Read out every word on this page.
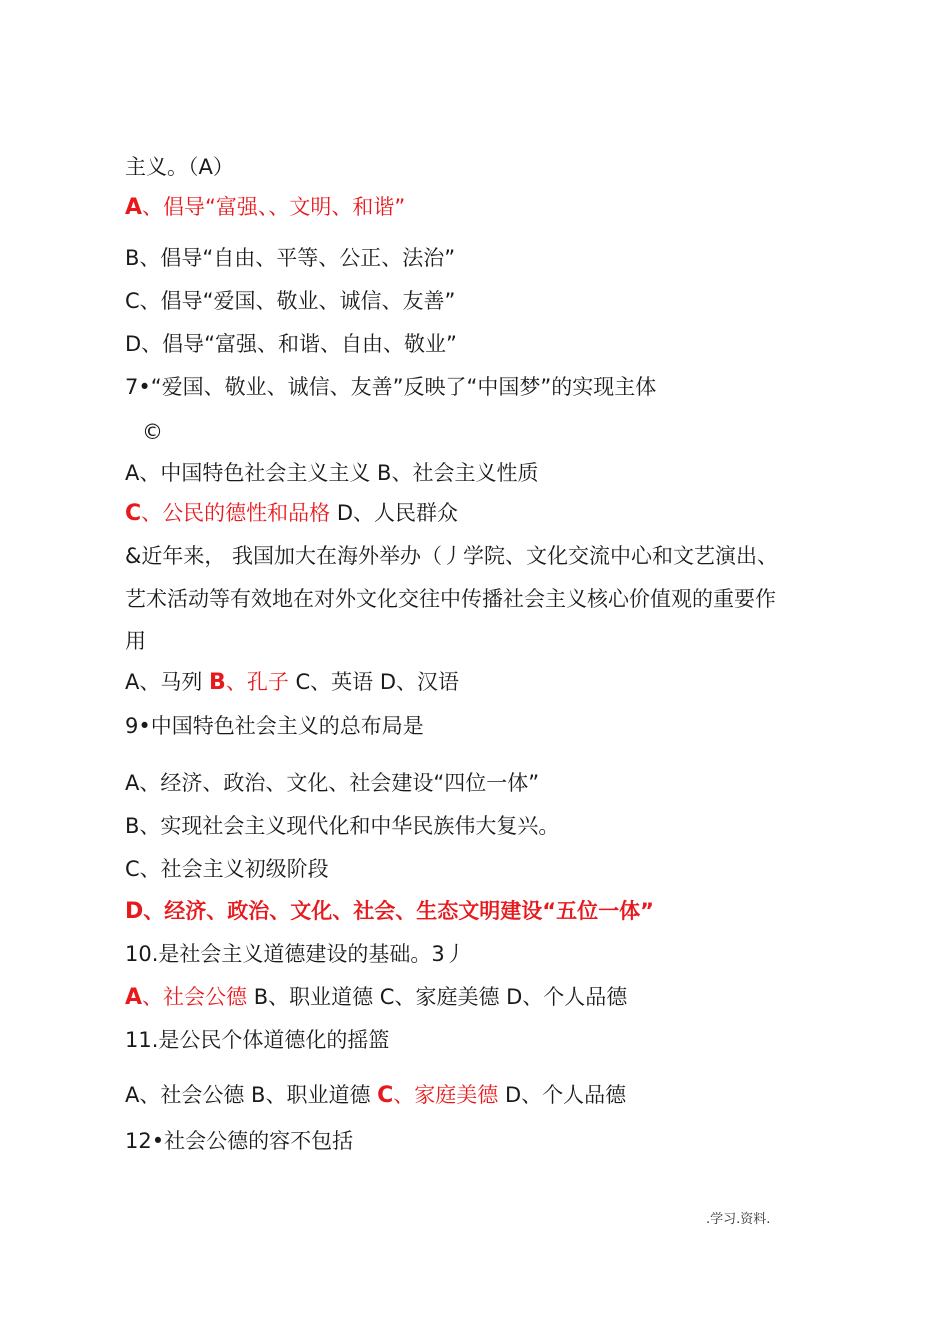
主义。（A）
A、倡导“富强、、文明、和谐”
B、倡导“自由、平等、公正、法治”
C、倡导“爱国、敬业、诚信、友善”
D、倡导“富强、和谐、自由、敬业”
7•“爱国、敬业、诚信、友善”反映了“中国梦”的实现主体
©
A、中国特色社会主义主义 B、社会主义性质
C、公民的德性和品格 D、人民群众
&近年来， 我国加大在海外举办（丿学院、文化交流中心和文艺演出、
艺术活动等有效地在对外文化交往中传播社会主义核心价值观的重要作
用
A、马列 B、孔子 C、英语 D、汉语
9•中国特色社会主义的总布局是
A、经济、政治、文化、社会建设“四位一体”
B、实现社会主义现代化和中华民族伟大复兴。
C、社会主义初级阶段
D、经济、政治、文化、社会、生态文明建设“五位一体”
10.是社会主义道德建设的基础。3丿
A、社会公德 B、职业道德 C、家庭美德 D、个人品德
11.是公民个体道德化的摇篮
A、社会公德 B、职业道德 C、家庭美德 D、个人品德
12•社会公德的容不包括
.学习.资料.
